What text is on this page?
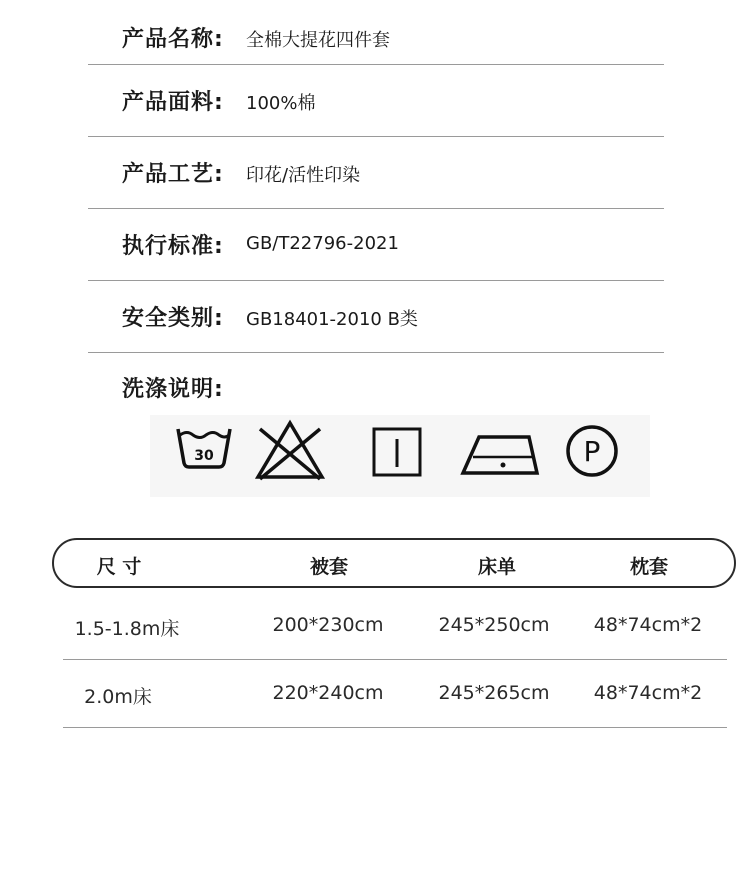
产品名称: 全棉大提花四件套
产品面料: 100%棉
产品工艺: 印花/活性印染
执行标准: GB/T22796-2021
安全类别: GB18401-2010 B类
洗涤说明:
30	P
尺 寸	被套	床单	枕套
1.5-1.8m床	200*230cm	245*250cm	48*74cm*2
2.0m床	220*240cm	245*265cm	48*74cm*2
